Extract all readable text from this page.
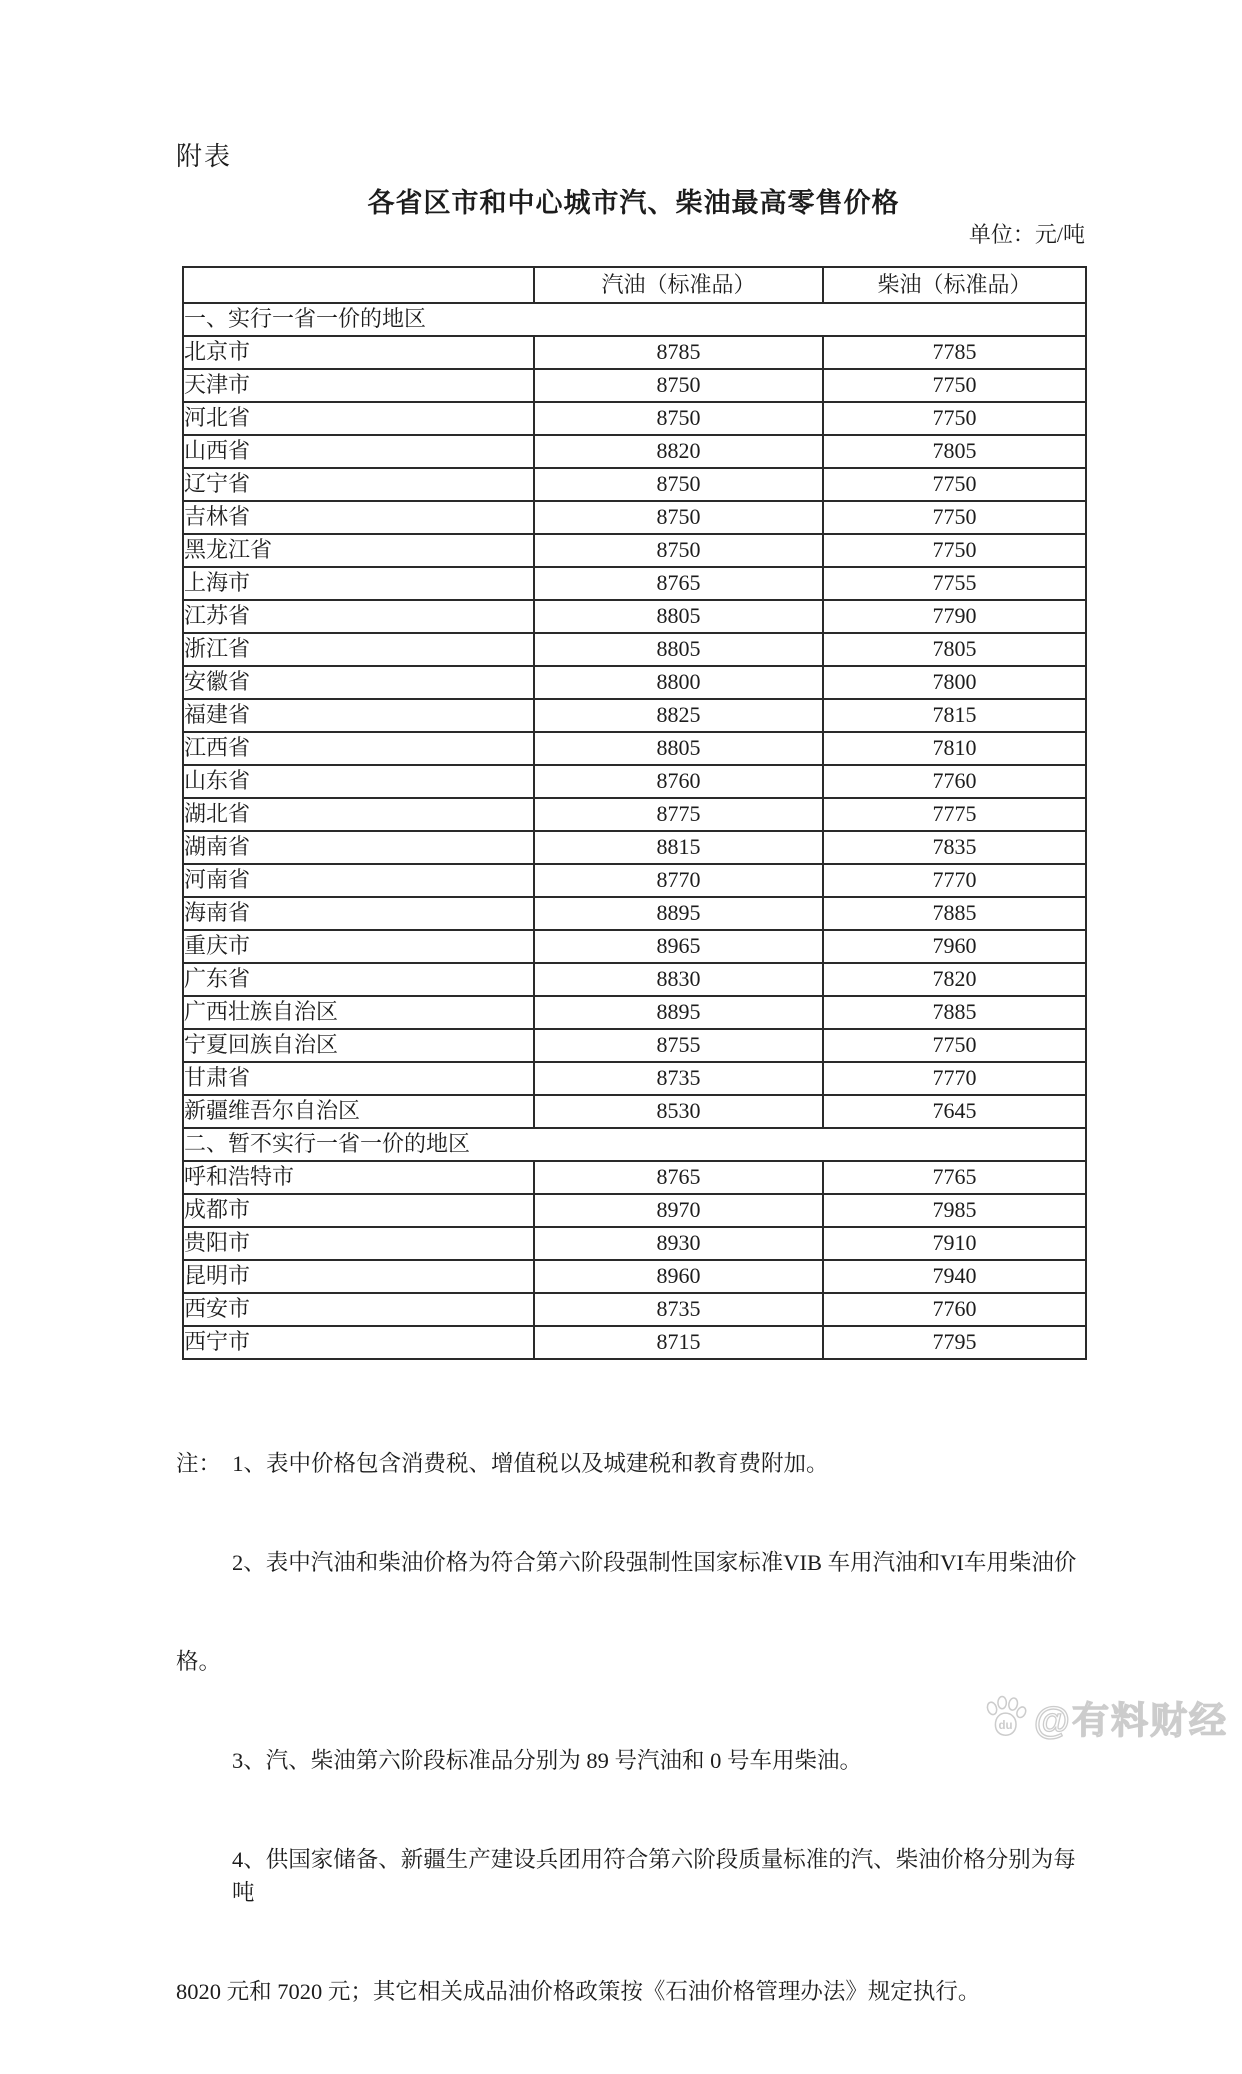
附表
各省区市和中心城市汽、柴油最高零售价格
单位：元/吨
	汽油（标准品）	柴油（标准品）
一、实行一省一价的地区		
北京市	8785	7785
天津市	8750	7750
河北省	8750	7750
山西省	8820	7805
辽宁省	8750	7750
吉林省	8750	7750
黑龙江省	8750	7750
上海市	8765	7755
江苏省	8805	7790
浙江省	8805	7805
安徽省	8800	7800
福建省	8825	7815
江西省	8805	7810
山东省	8760	7760
湖北省	8775	7775
湖南省	8815	7835
河南省	8770	7770
海南省	8895	7885
重庆市	8965	7960
广东省	8830	7820
广西壮族自治区	8895	7885
宁夏回族自治区	8755	7750
甘肃省	8735	7770
新疆维吾尔自治区	8530	7645
二、暂不实行一省一价的地区		
呼和浩特市	8765	7765
成都市	8970	7985
贵阳市	8930	7910
昆明市	8960	7940
西安市	8735	7760
西宁市	8715	7795

注：  1、表中价格包含消费税、增值税以及城建税和教育费附加。

2、表中汽油和柴油价格为符合第六阶段强制性国家标准VIB 车用汽油和VI车用柴油价

格。

3、汽、柴油第六阶段标准品分别为 89 号汽油和 0 号车用柴油。

4、供国家储备、新疆生产建设兵团用符合第六阶段质量标准的汽、柴油价格分别为每吨

8020 元和 7020 元；其它相关成品油价格政策按《石油价格管理办法》规定执行。

du @有料财经
